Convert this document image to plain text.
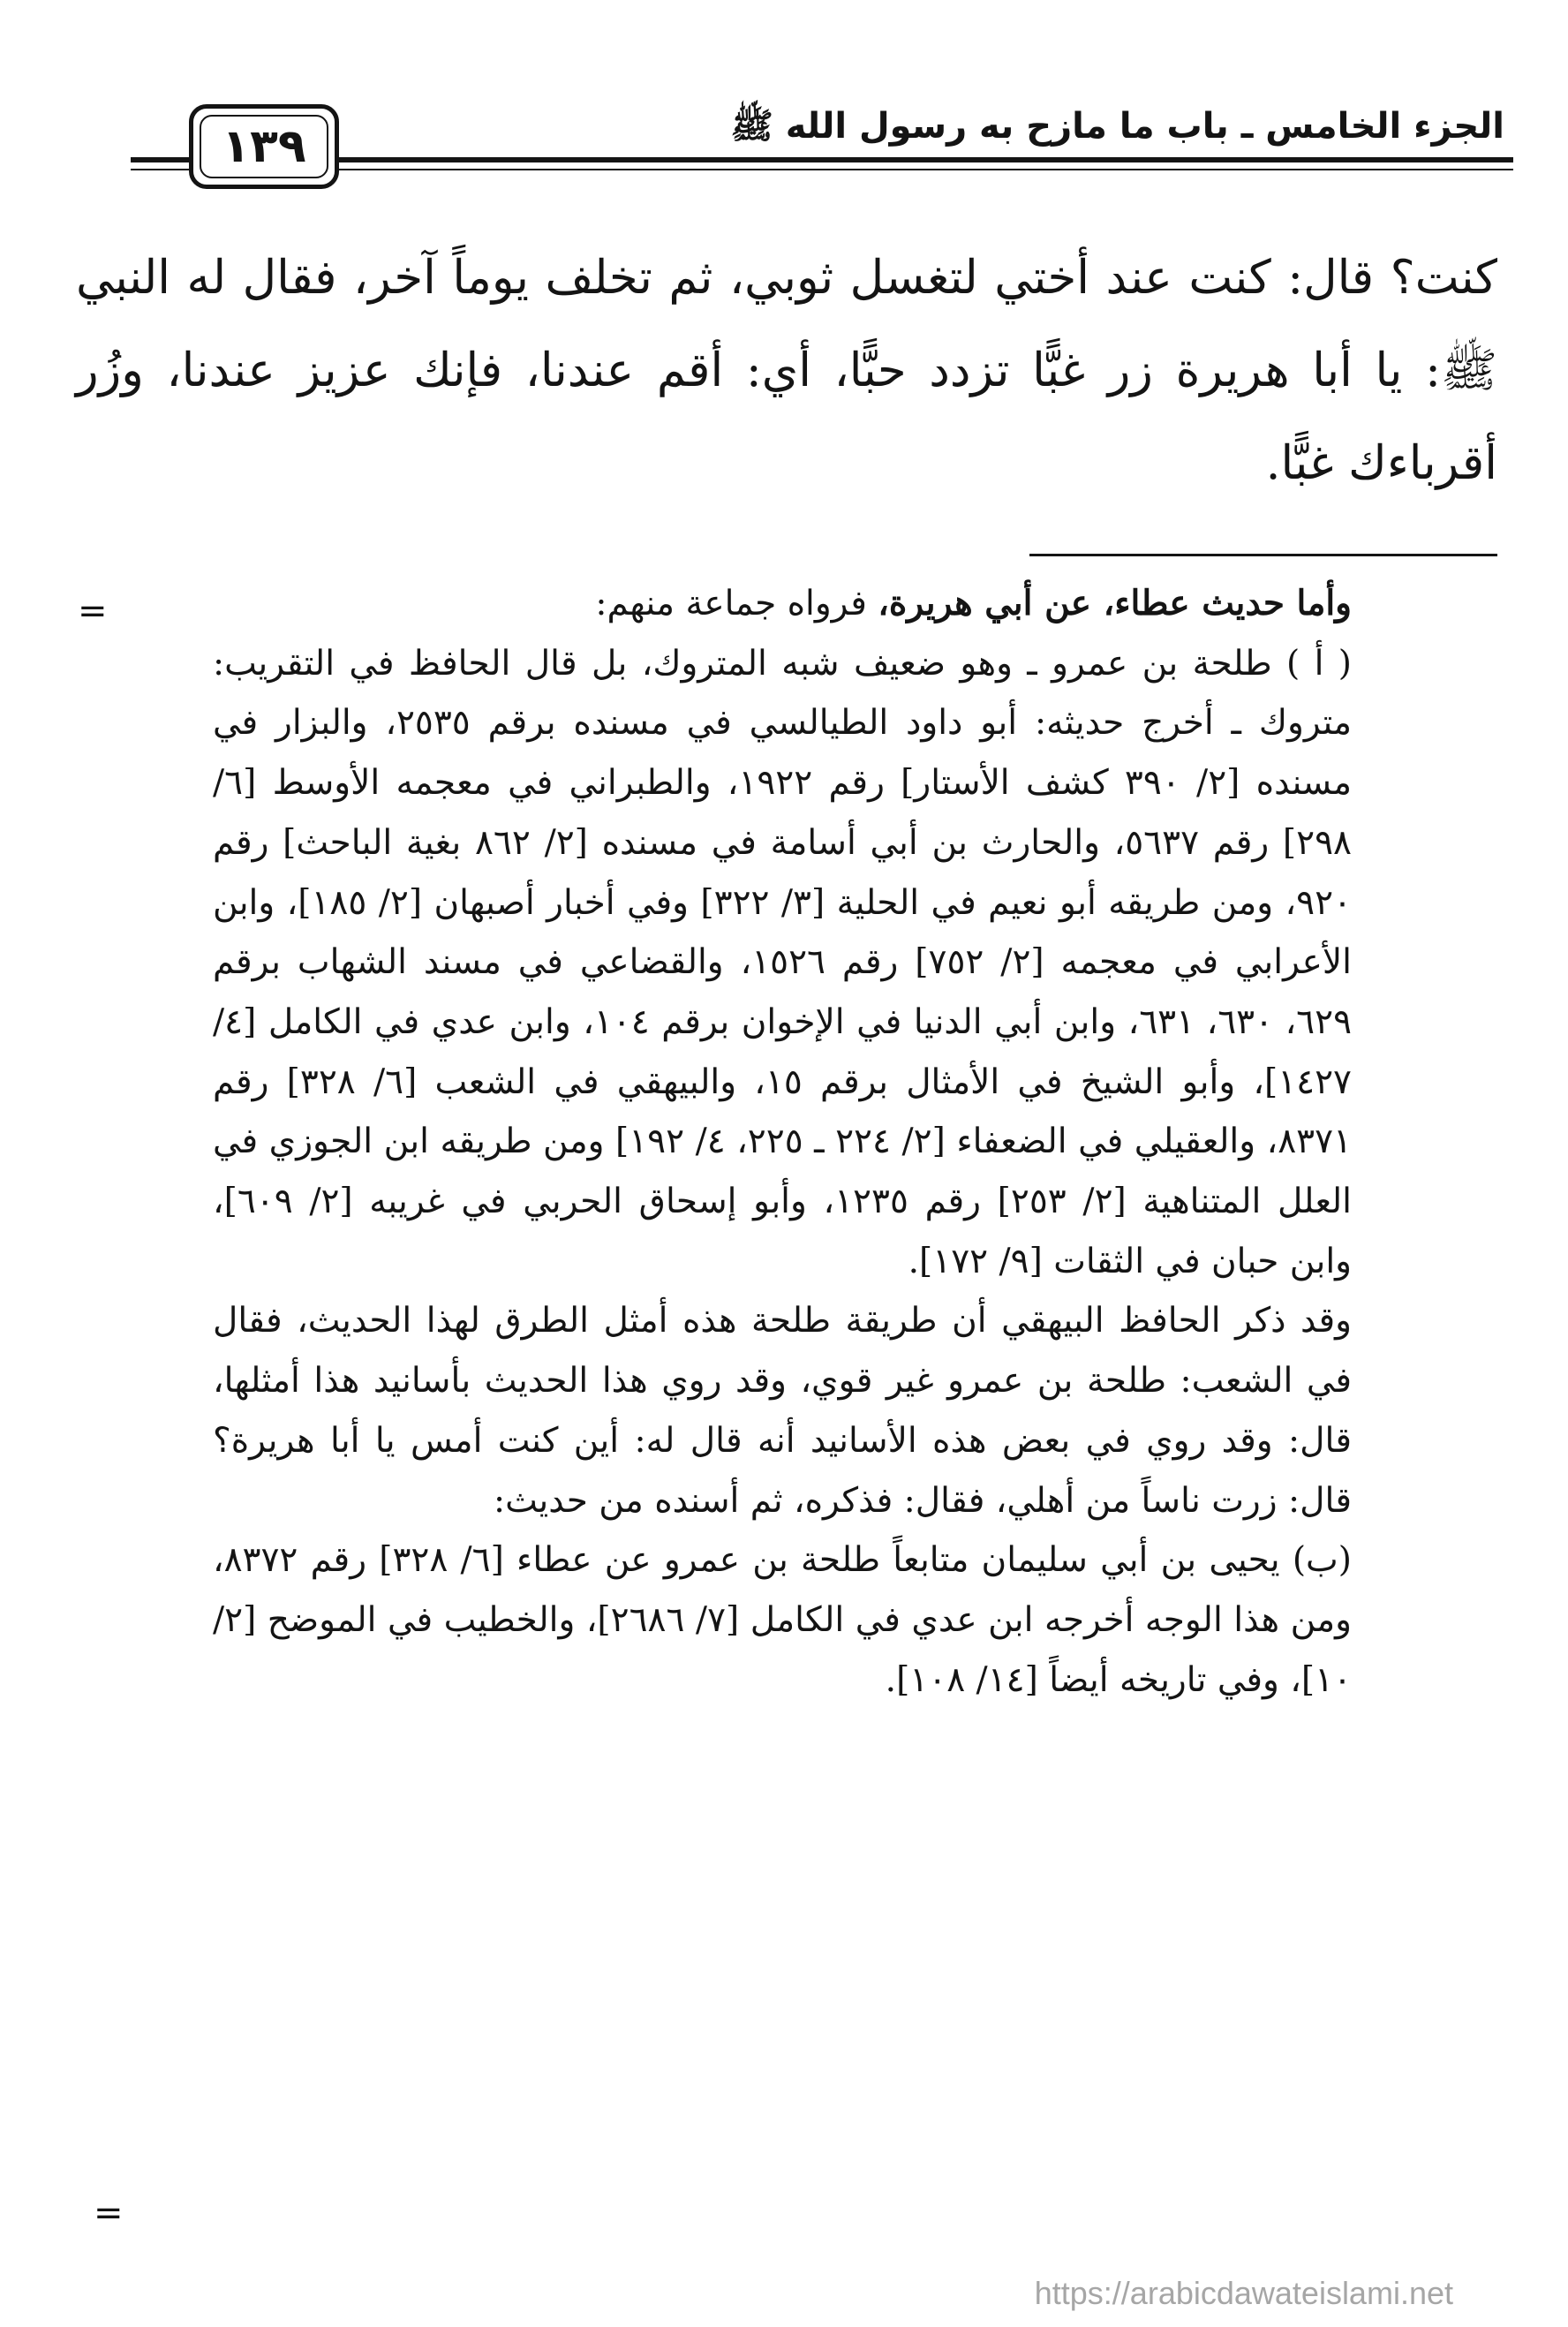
الجزء الخامس ـ باب ما مازح به رسول الله ﷺ
١٣٩
كنت؟ قال: كنت عند أختي لتغسل ثوبي، ثم تخلف يوماً آخر، فقال له النبي ﷺ: يا أبا هريرة زر غبًّا تزدد حبًّا، أي: أقم عندنا، فإنك عزيز عندنا، وزُر أقرباءك غبًّا.
=	وأما حديث عطاء، عن أبي هريرة، فرواه جماعة منهم:

( أ ) طلحة بن عمرو ـ وهو ضعيف شبه المتروك، بل قال الحافظ في التقريب: متروك ـ أخرج حديثه: أبو داود الطيالسي في مسنده برقم ٢٥٣٥، والبزار في مسنده [٢/ ٣٩٠ كشف الأستار] رقم ١٩٢٢، والطبراني في معجمه الأوسط [٦/ ٢٩٨] رقم ٥٦٣٧، والحارث بن أبي أسامة في مسنده [٢/ ٨٦٢ بغية الباحث] رقم ٩٢٠، ومن طريقه أبو نعيم في الحلية [٣/ ٣٢٢] وفي أخبار أصبهان [٢/ ١٨٥]، وابن الأعرابي في معجمه [٢/ ٧٥٢] رقم ١٥٢٦، والقضاعي في مسند الشهاب برقم ٦٢٩، ٦٣٠، ٦٣١، وابن أبي الدنيا في الإخوان برقم ١٠٤، وابن عدي في الكامل [٤/ ١٤٢٧]، وأبو الشيخ في الأمثال برقم ١٥، والبيهقي في الشعب [٦/ ٣٢٨] رقم ٨٣٧١، والعقيلي في الضعفاء [٢/ ٢٢٤ ـ ٢٢٥، ٤/ ١٩٢] ومن طريقه ابن الجوزي في العلل المتناهية [٢/ ٢٥٣] رقم ١٢٣٥، وأبو إسحاق الحربي في غريبه [٢/ ٦٠٩]، وابن حبان في الثقات [٩/ ١٧٢].

وقد ذكر الحافظ البيهقي أن طريقة طلحة هذه أمثل الطرق لهذا الحديث، فقال في الشعب: طلحة بن عمرو غير قوي، وقد روي هذا الحديث بأسانيد هذا أمثلها، قال: وقد روي في بعض هذه الأسانيد أنه قال له: أين كنت أمس يا أبا هريرة؟ قال: زرت ناساً من أهلي، فقال: فذكره، ثم أسنده من حديث:

(ب) يحيى بن أبي سليمان متابعاً طلحة بن عمرو عن عطاء [٦/ ٣٢٨] رقم ٨٣٧٢، ومن هذا الوجه أخرجه ابن عدي في الكامل [٧/ ٢٦٨٦]، والخطيب في الموضح [٢/ ١٠]، وفي تاريخه أيضاً [١٤/ ١٠٨].

=
https://arabicdawateislami.net
